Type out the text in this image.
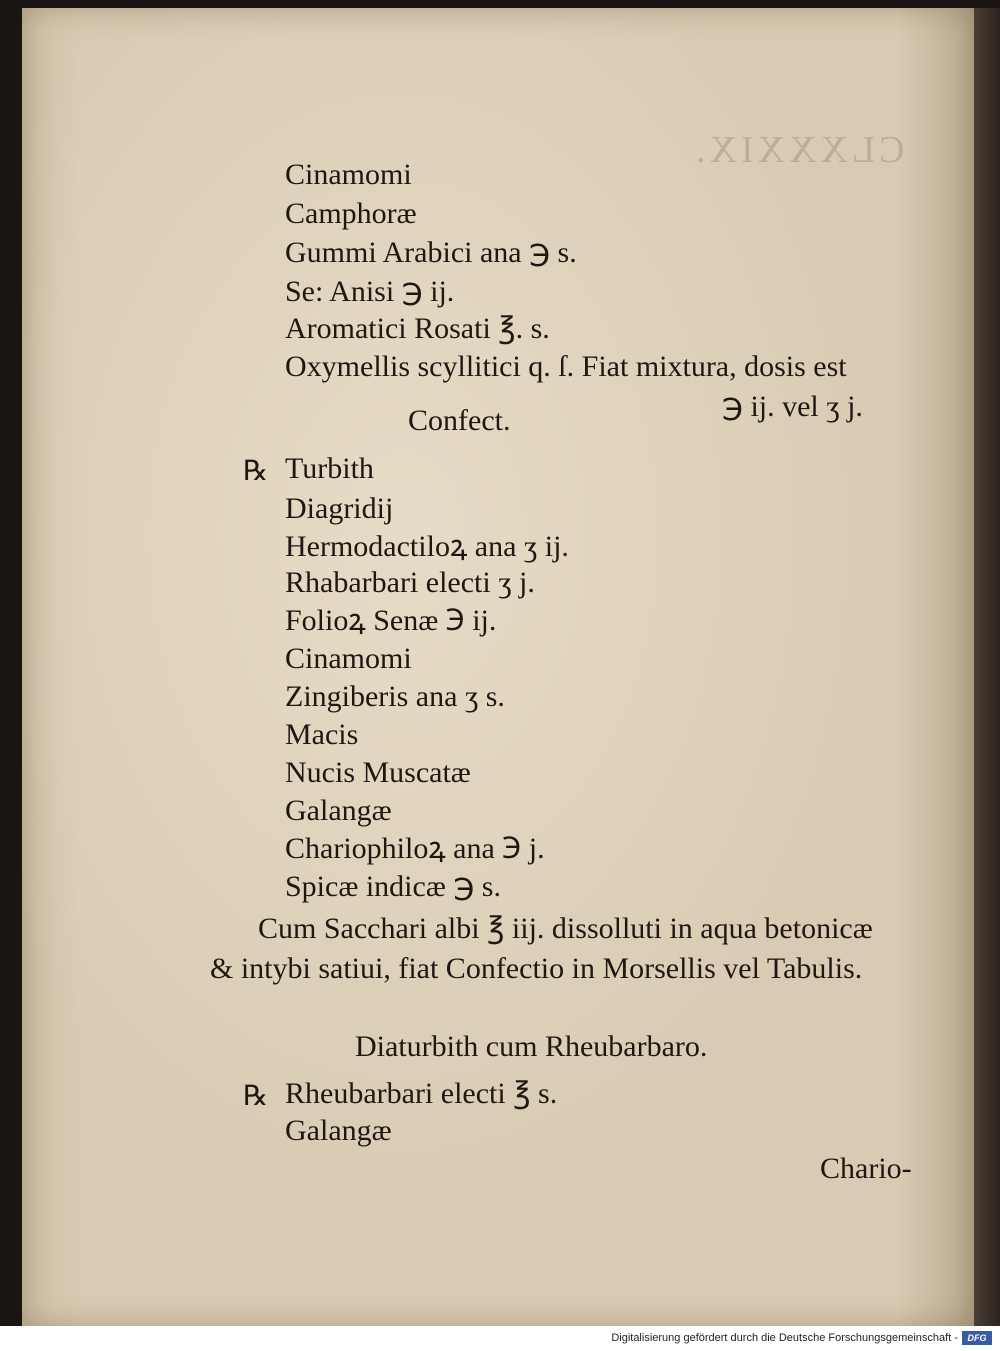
CLXXXIX.
Cinamomi
Camphoræ
Gummi Arabici ana ℈ s.
Se: Anisi ℈ ij.
Aromatici Rosati ℥. s.
Oxymellis scyllitici q. ſ. Fiat mixtura, dosis est
℈ ij. vel ʒ j.
Confect.
℞ Turbith
Diagridij
Hermodactiloꝝ ana ʒ ij.
Rhabarbari electi ʒ j.
Folioꝝ Senæ ℈ ij.
Cinamomi
Zingiberis ana ʒ s.
Macis
Nucis Muscatæ
Galangæ
Chariophiloꝝ ana ℈ j.
Spicæ indicæ ℈ s.
Cum Sacchari albi ℥ iij. dissolluti in aqua betonicæ
& intybi satiui, fiat Confectio in Morsellis vel Tabulis.
Diaturbith cum Rheubarbaro.
℞ Rheubarbari electi ℥ s.
Galangæ
Chario-
Digitalisierung gefördert durch die Deutsche Forschungsgemeinschaft -	DFG
